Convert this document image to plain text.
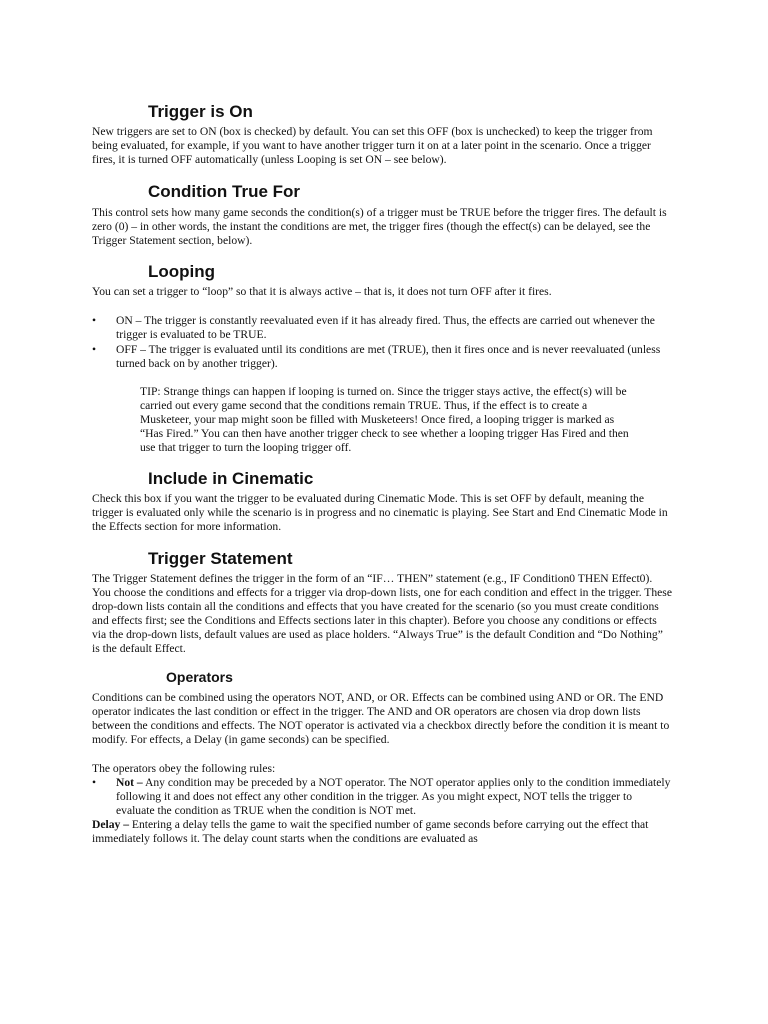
Trigger is On

New triggers are set to ON (box is checked) by default. You can set this OFF (box is unchecked) to keep the trigger from being evaluated, for example, if you want to have another trigger turn it on at a later point in the scenario. Once a trigger fires, it is turned OFF automatically (unless Looping is set ON – see below).

Condition True For

This control sets how many game seconds the condition(s) of a trigger must be TRUE before the trigger fires. The default is zero (0) – in other words, the instant the conditions are met, the trigger fires (though the effect(s) can be delayed, see the Trigger Statement section, below).

Looping

You can set a trigger to “loop” so that it is always active – that is, it does not turn OFF after it fires.

•	ON – The trigger is constantly reevaluated even if it has already fired. Thus, the effects are carried out whenever the trigger is evaluated to be TRUE.
•	OFF – The trigger is evaluated until its conditions are met (TRUE), then it fires once and is never reevaluated (unless turned back on by another trigger).

TIP: Strange things can happen if looping is turned on. Since the trigger stays active, the effect(s) will be carried out every game second that the conditions remain TRUE. Thus, if the effect is to create a Musketeer, your map might soon be filled with Musketeers! Once fired, a looping trigger is marked as “Has Fired.” You can then have another trigger check to see whether a looping trigger Has Fired and then use that trigger to turn the looping trigger off.

Include in Cinematic

Check this box if you want the trigger to be evaluated during Cinematic Mode. This is set OFF by default, meaning the trigger is evaluated only while the scenario is in progress and no cinematic is playing. See Start and End Cinematic Mode in the Effects section for more information.

Trigger Statement

The Trigger Statement defines the trigger in the form of an “IF… THEN” statement (e.g., IF Condition0 THEN Effect0). You choose the conditions and effects for a trigger via drop-down lists, one for each condition and effect in the trigger. These drop-down lists contain all the conditions and effects that you have created for the scenario (so you must create conditions and effects first; see the Conditions and Effects sections later in this chapter). Before you choose any conditions or effects via the drop-down lists, default values are used as place holders. “Always True” is the default Condition and “Do Nothing” is the default Effect.

Operators

Conditions can be combined using the operators NOT, AND, or OR. Effects can be combined using AND or OR. The END operator indicates the last condition or effect in the trigger. The AND and OR operators are chosen via drop down lists between the conditions and effects. The NOT operator is activated via a checkbox directly before the condition it is meant to modify. For effects, a Delay (in game seconds) can be specified.

The operators obey the following rules:

•	Not – Any condition may be preceded by a NOT operator. The NOT operator applies only to the condition immediately following it and does not effect any other condition in the trigger. As you might expect, NOT tells the trigger to evaluate the condition as TRUE when the condition is NOT met.

Delay – Entering a delay tells the game to wait the specified number of game seconds before carrying out the effect that immediately follows it. The delay count starts when the conditions are evaluated as
